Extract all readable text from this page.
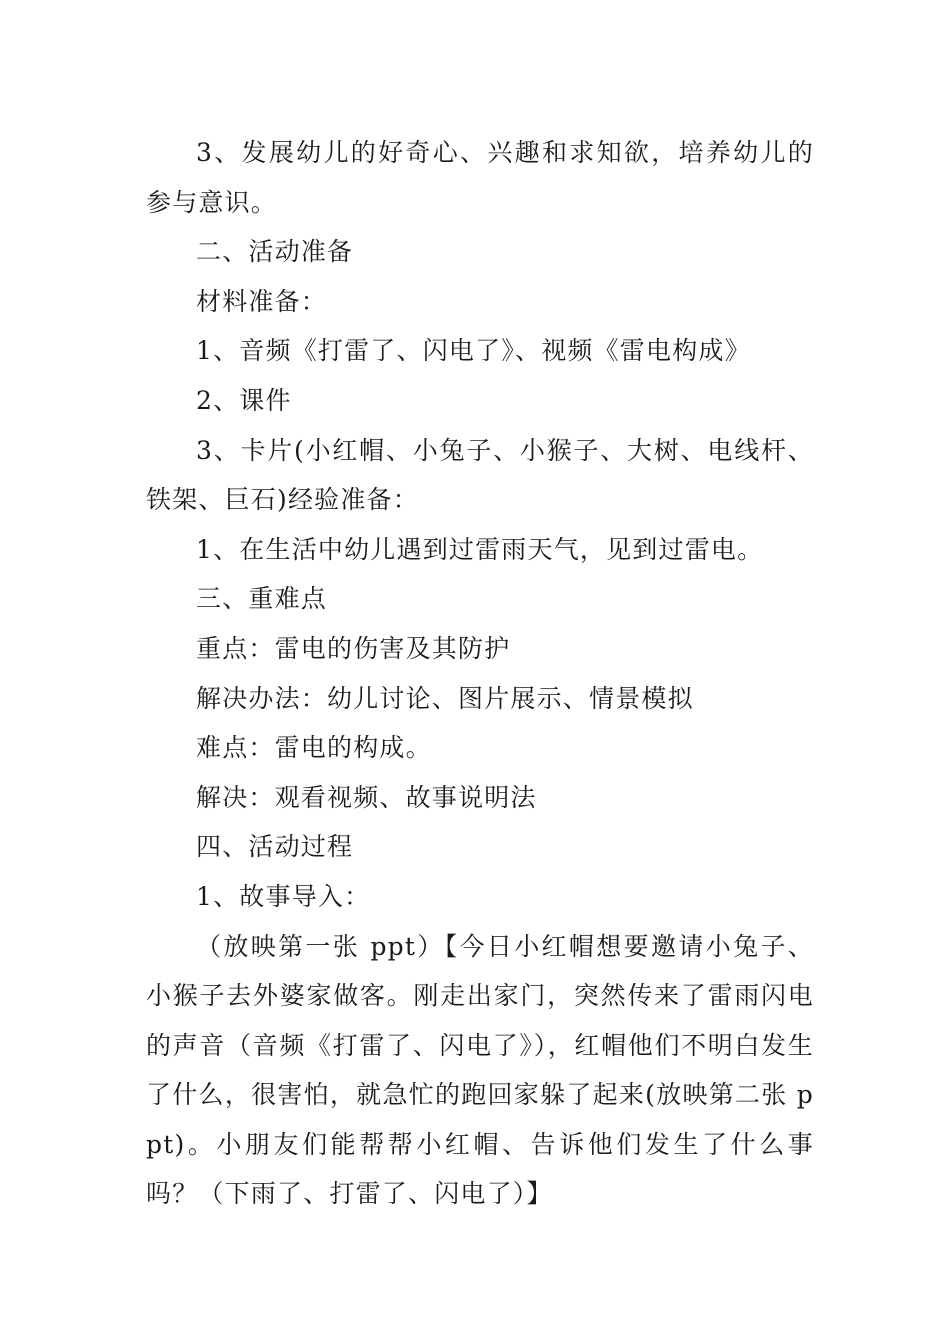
3、发展幼儿的好奇心、兴趣和求知欲，培养幼儿的参与意识。

二、活动准备

材料准备：

1、音频《打雷了、闪电了》、视频《雷电构成》

2、课件

3、卡片(小红帽、小兔子、小猴子、大树、电线杆、铁架、巨石)经验准备：

1、在生活中幼儿遇到过雷雨天气，见到过雷电。

三、重难点

重点：雷电的伤害及其防护

解决办法：幼儿讨论、图片展示、情景模拟

难点：雷电的构成。

解决：观看视频、故事说明法

四、活动过程

1、故事导入：

（放映第一张 ppt）【今日小红帽想要邀请小兔子、小猴子去外婆家做客。刚走出家门，突然传来了雷雨闪电的声音（音频《打雷了、闪电了》），红帽他们不明白发生了什么，很害怕，就急忙的跑回家躲了起来(放映第二张 ppt)。小朋友们能帮帮小红帽、告诉他们发生了什么事吗？（下雨了、打雷了、闪电了）】
